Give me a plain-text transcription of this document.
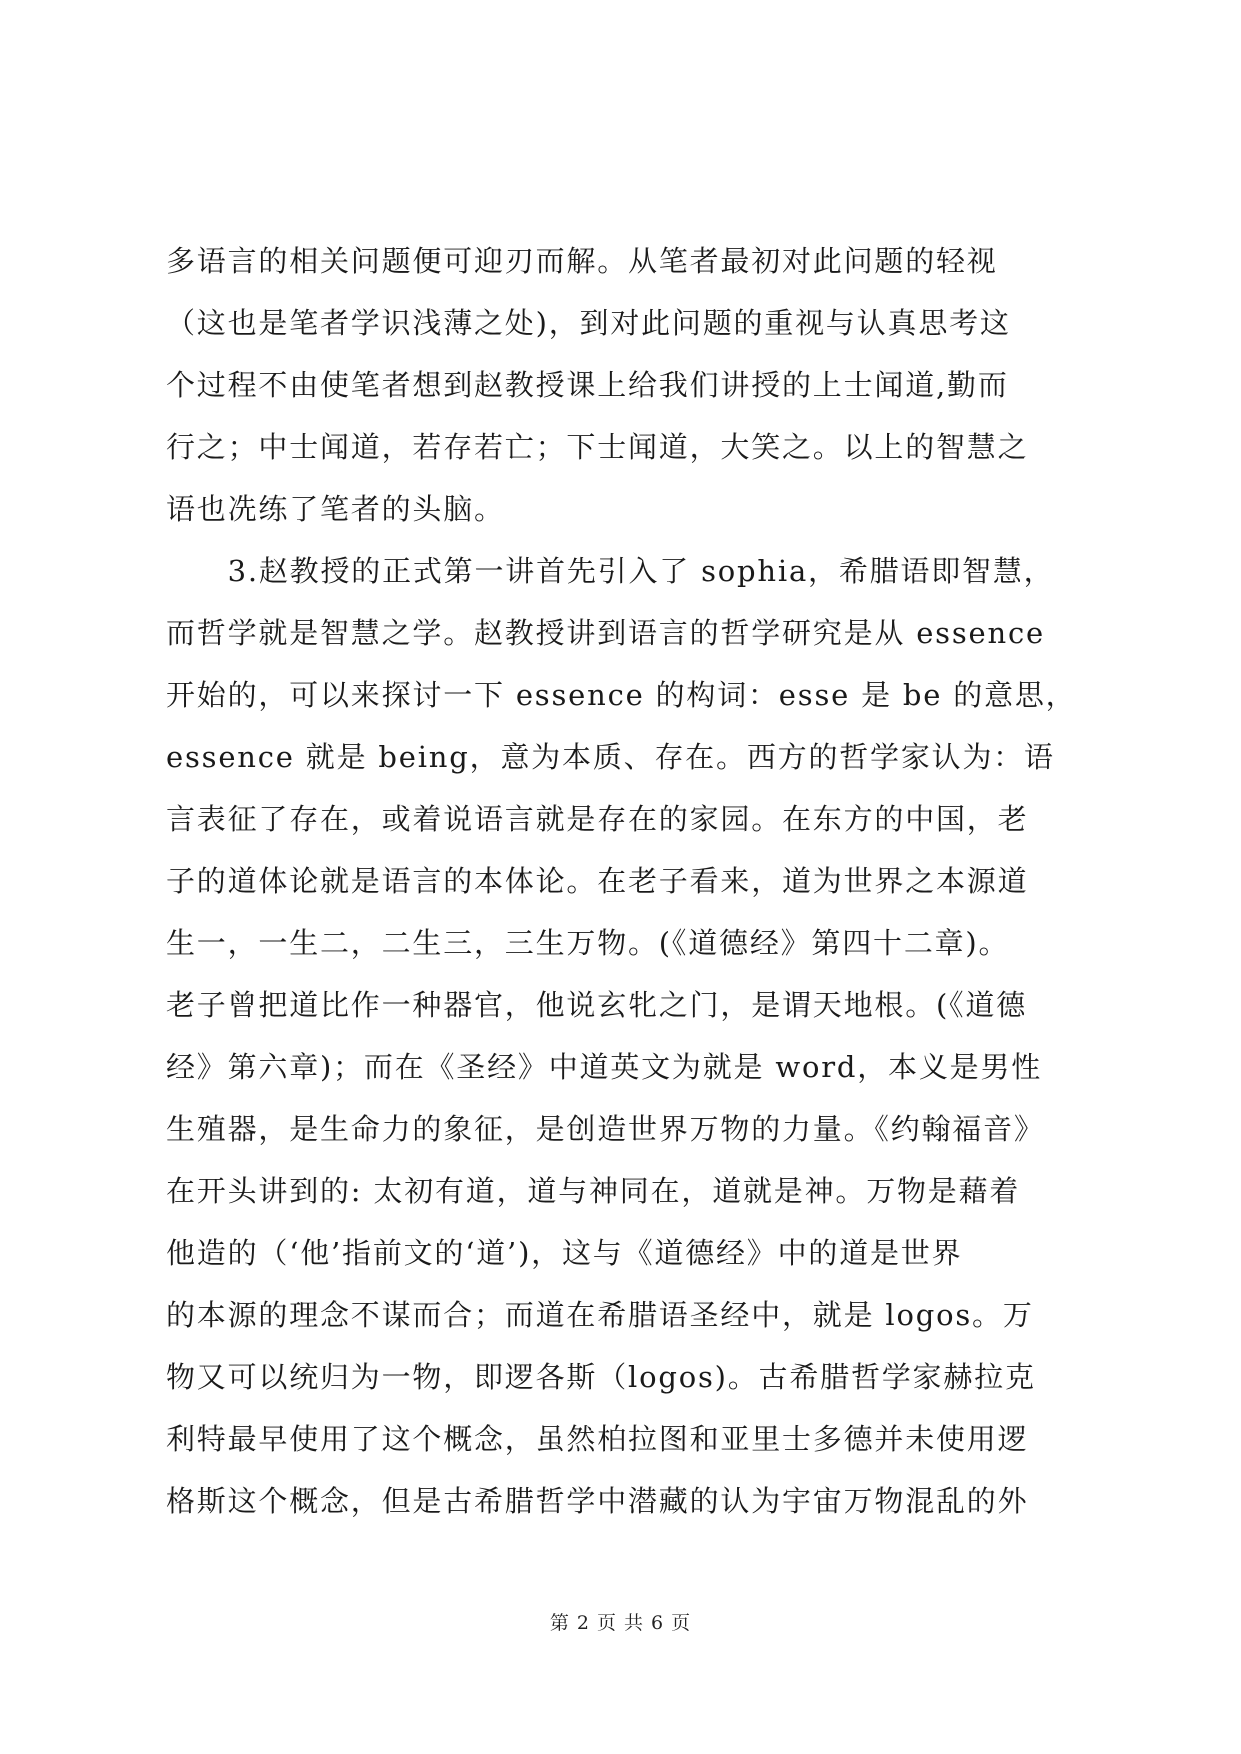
多语言的相关问题便可迎刃而解。从笔者最初对此问题的轻视
（这也是笔者学识浅薄之处)，到对此问题的重视与认真思考这
个过程不由使笔者想到赵教授课上给我们讲授的上士闻道,勤而
行之；中士闻道，若存若亡；下士闻道，大笑之。以上的智慧之
语也冼练了笔者的头脑。
　　3.赵教授的正式第一讲首先引入了 sophia，希腊语即智慧，
而哲学就是智慧之学。赵教授讲到语言的哲学研究是从 essence
开始的，可以来探讨一下 essence 的构词：esse 是 be 的意思，
essence 就是 being，意为本质、存在。西方的哲学家认为：语
言表征了存在，或着说语言就是存在的家园。在东方的中国，老
子的道体论就是语言的本体论。在老子看来，道为世界之本源道
生一，一生二，二生三，三生万物。(《道德经》第四十二章)。
老子曾把道比作一种器官，他说玄牝之门，是谓天地根。(《道德
经》第六章)；而在《圣经》中道英文为就是 word，本义是男性
生殖器，是生命力的象征，是创造世界万物的力量。《约翰福音》
在开头讲到的: 太初有道，道与神同在，道就是神。万物是藉着
他造的（‘他’指前文的‘道’)，这与《道德经》中的道是世界
的本源的理念不谋而合；而道在希腊语圣经中，就是 logos。万
物又可以统归为一物，即逻各斯（logos)。古希腊哲学家赫拉克
利特最早使用了这个概念，虽然柏拉图和亚里士多德并未使用逻
格斯这个概念，但是古希腊哲学中潜藏的认为宇宙万物混乱的外
第 2 页 共 6 页
